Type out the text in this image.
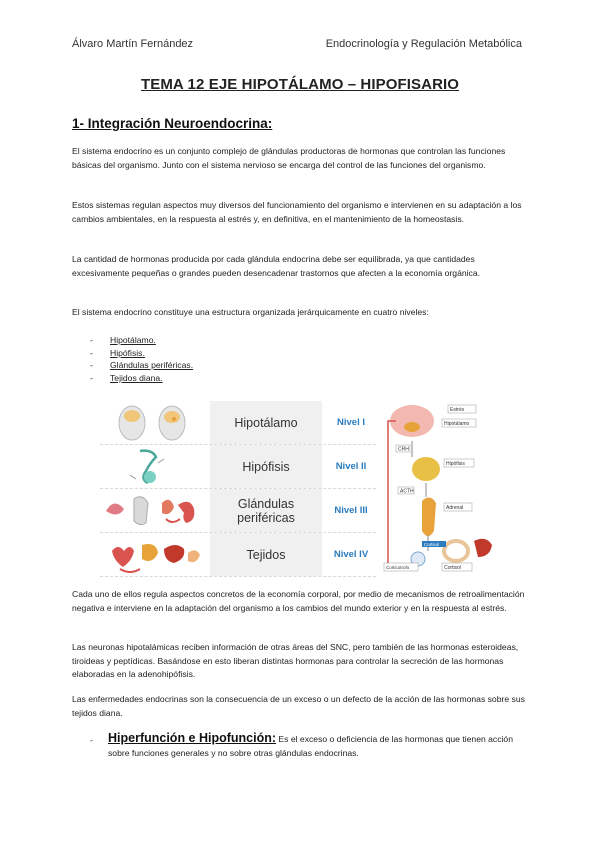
Álvaro Martín Fernández	Endocrinología y Regulación Metabólica
TEMA 12 EJE HIPOTÁLAMO – HIPOFISARIO
1- Integración Neuroendocrina:
El sistema endocrino es un conjunto complejo de glándulas productoras de hormonas que controlan las funciones básicas del organismo. Junto con el sistema nervioso se encarga del control de las funciones del organismo.
Estos sistemas regulan aspectos muy diversos del funcionamiento del organismo e intervienen en su adaptación a los cambios ambientales, en la respuesta al estrés y, en definitiva, en el mantenimiento de la homeostasis.
La cantidad de hormonas producida por cada glándula endocrina debe ser equilibrada, ya que cantidades excesivamente pequeñas o grandes pueden desencadenar trastornos que afecten a la economía orgánica.
El sistema endocrino constituye una estructura organizada jerárquicamente en cuatro niveles:
-	Hipotálamo.
-	Hipófisis.
-	Glándulas periféricas.
-	Tejidos diana.
Hipotálamo	Nivel I
Hipófisis	Nivel II
Glándulas periféricas	Nivel III
Tejidos	Nivel IV
Estrés
Hipotálamo
CRH
Hipófisis
ACTH
Adrenal
Cortisol
Cortisol
Corticotrofo
Cada uno de ellos regula aspectos concretos de la economía corporal, por medio de mecanismos de retroalimentación negativa e interviene en la adaptación del organismo a los cambios del mundo exterior y en la respuesta al estrés.
Las neuronas hipotalámicas reciben información de otras áreas del SNC, pero también de las hormonas esteroideas, tiroideas y peptídicas. Basándose en esto liberan distintas hormonas para controlar la secreción de las hormonas elaboradas en la adenohipófisis.
Las enfermedades endocrinas son la consecuencia de un exceso o un defecto de la acción de las hormonas sobre sus tejidos diana.
- Hiperfunción e Hipofunción: Es el exceso o deficiencia de las hormonas que tienen acción sobre funciones generales y no sobre otras glándulas endocrinas.
